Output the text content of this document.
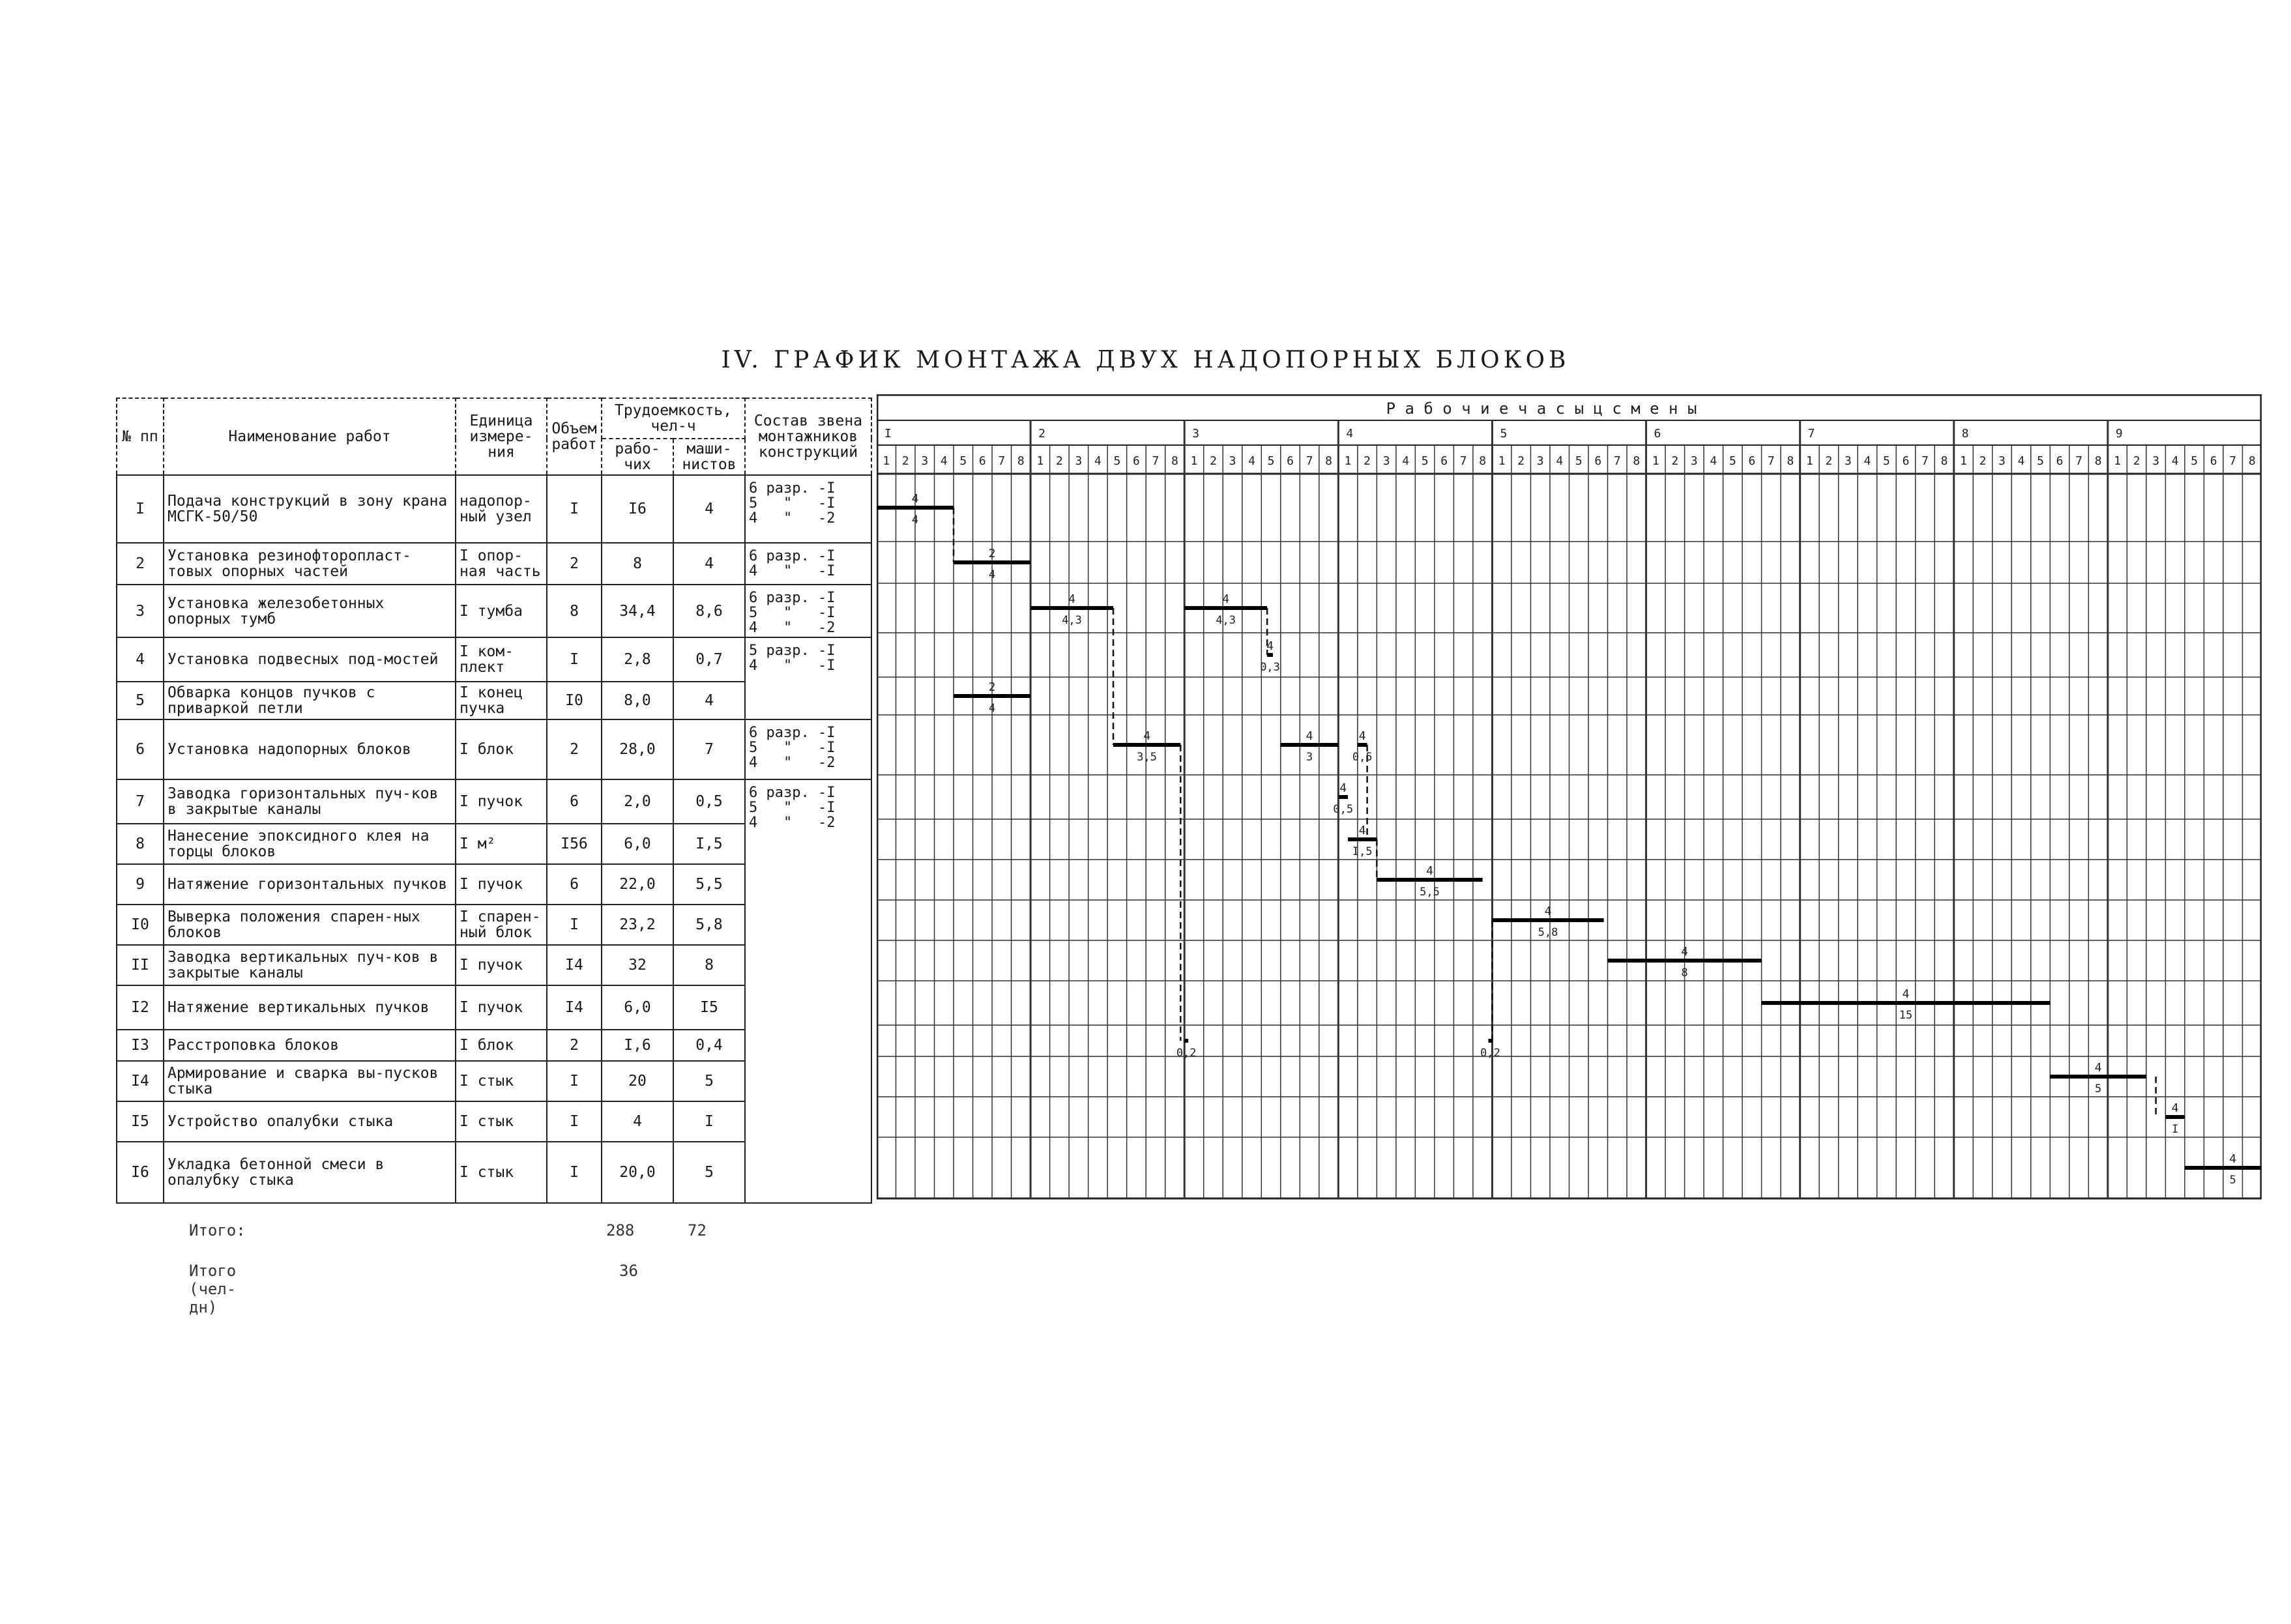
IV. ГРАФИК МОНТАЖА ДВУХ НАДОПОРНЫХ БЛОКОВ
№ пп	Наименование работ	Единица измере-ния	Объем работ	Трудоемкость, чел-ч		Состав звена монтажников конструкций
				рабо-чих	маши-нистов	
I	Подача конструкций в зону крана МСГК-50/50	надопор-ный узел	I	I6	4	6 разр. -I
5   "   -I
4   "   -2

2	Установка резинофторопласт-товых опорных частей	I опор-ная часть	2	8	4	6 разр. -I
4   "   -I

3	Установка железобетонных опорных тумб	I тумба	8	34,4	8,6	6 разр. -I
5   "   -I
4   "   -2

4	Установка подвесных под-мостей	I ком-плект	I	2,8	0,7	5 разр. -I
4   "   -I

5	Обварка концов пучков с приваркой петли	I конец пучка	I0	8,0	4	
6	Установка надопорных блоков	I блок	2	28,0	7	6 разр. -I
5   "   -I
4   "   -2

7	Заводка горизонтальных пуч-ков в закрытые каналы	I пучок	6	2,0	0,5	6 разр. -I
5   "   -I
4   "   -2

8	Нанесение эпоксидного клея на торцы блоков	I м²	I56	6,0	I,5	
9	Натяжение горизонтальных пучков	I пучок	6	22,0	5,5	
I0	Выверка положения спарен-ных блоков	I спарен-ный блок	I	23,2	5,8	
II	Заводка вертикальных пуч-ков в закрытые каналы	I пучок	I4	32	8	
I2	Натяжение вертикальных пучков	I пучок	I4	6,0	I5	
I3	Расстроповка блоков	I блок	2	I,6	0,4	
I4	Армирование и сварка вы-пусков стыка	I стык	I	20	5	
I5	Устройство опалубки стыка	I стык	I	4	I	
I6	Укладка бетонной смеси в опалубку стыка	I стык	I	20,0	5	
Р а б о ч и е ч а с ы ц с м е н ы
1 2 3 4 5 6 7 8
I
1 2 3 4 5 6 7 8
2
1 2 3 4 5 6 7 8
3
1 2 3 4 5 6 7 8
4
1 2 3 4 5 6 7 8
5
1 2 3 4 5 6 7 8
6
1 2 3 4 5 6 7 8
7
1 2 3 4 5 6 7 8
8
1 2 3 4 5 6 7 8
9
4
4
2
4
4
4,3
4
4,3
4
0,3
2
4
4
3,5
4
3
4
0,5
4
0,5
4
I,5
4
5,5
4
5,8
4
8
4
15
0,2	0,2
4
5
4
I
4
5
Итого:	288	72
Итого (чел-дн)
36
